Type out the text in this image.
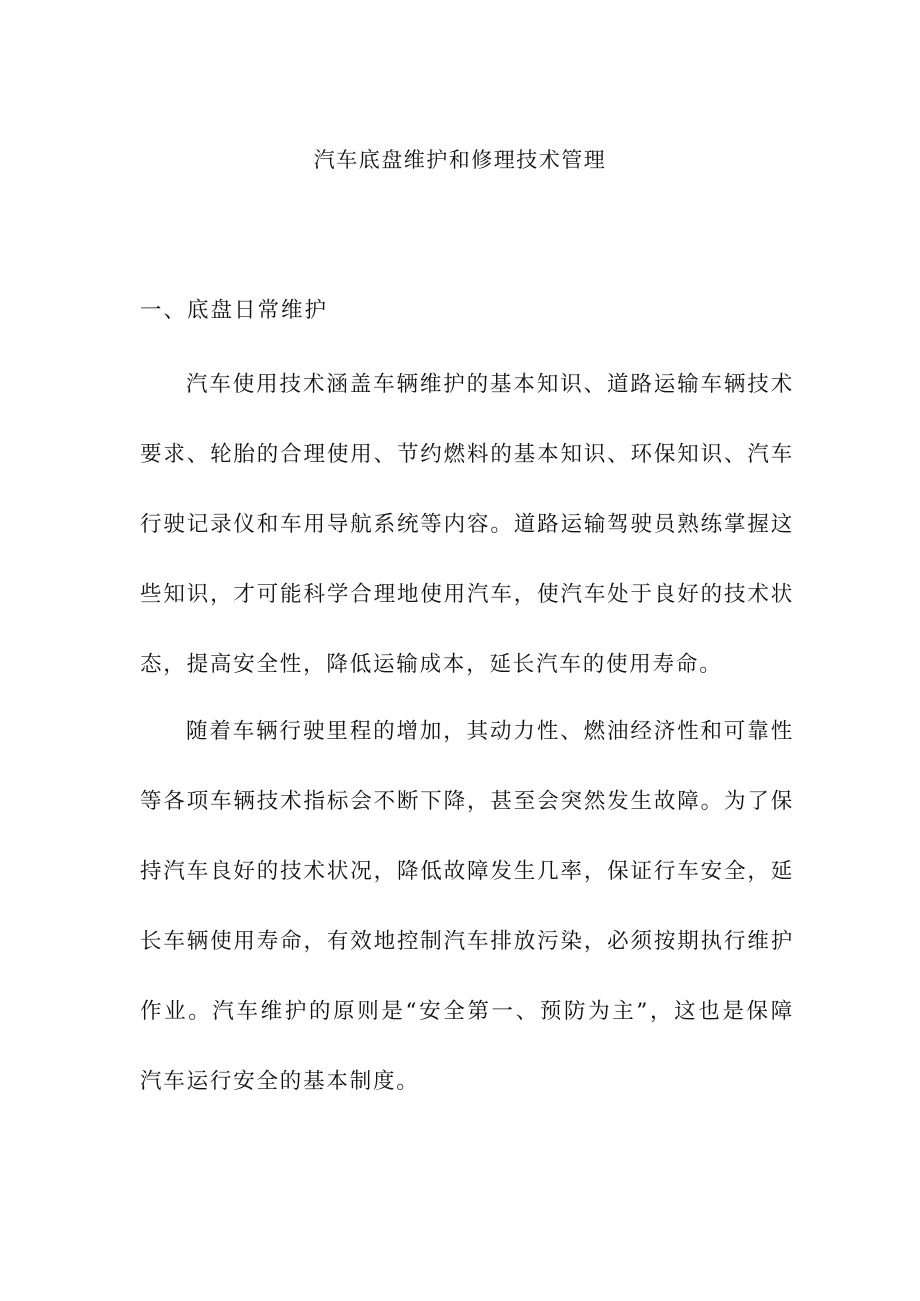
汽车底盘维护和修理技术管理
一、底盘日常维护

汽车使用技术涵盖车辆维护的基本知识、道路运输车辆技术要求、轮胎的合理使用、节约燃料的基本知识、环保知识、汽车行驶记录仪和车用导航系统等内容。道路运输驾驶员熟练掌握这些知识，才可能科学合理地使用汽车，使汽车处于良好的技术状态，提高安全性，降低运输成本，延长汽车的使用寿命。

随着车辆行驶里程的增加，其动力性、燃油经济性和可靠性等各项车辆技术指标会不断下降，甚至会突然发生故障。为了保持汽车良好的技术状况，降低故障发生几率，保证行车安全，延长车辆使用寿命，有效地控制汽车排放污染，必须按期执行维护作业。汽车维护的原则是“安全第一、预防为主”，这也是保障汽车运行安全的基本制度。
